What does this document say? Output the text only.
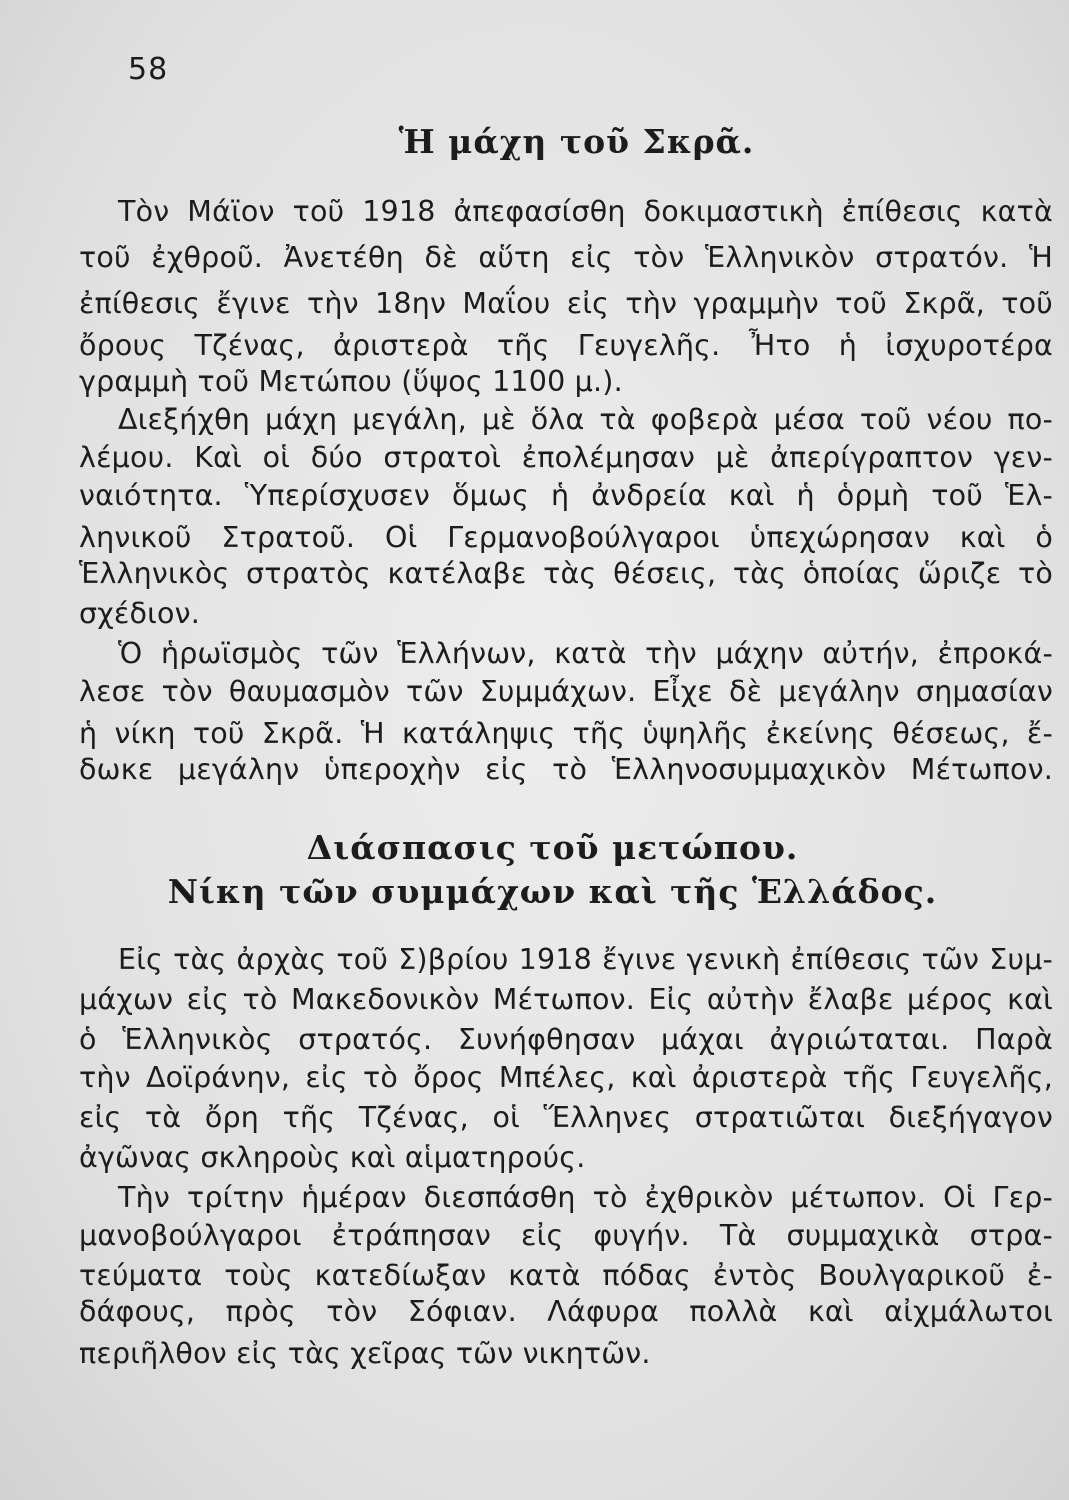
58
Ἡ μάχη τοῦ Σκρᾶ.
Τὸν Μάϊον τοῦ 1918 ἀπεφασίσθη δοκιμαστικὴ ἐπίθεσις κατὰ
τοῦ ἐχθροῦ. Ἀνετέθη δὲ αὕτη εἰς τὸν Ἑλληνικὸν στρατόν. Ἡ
ἐπίθεσις ἔγινε τὴν 18ην Μαΐου εἰς τὴν γραμμὴν τοῦ Σκρᾶ, τοῦ
ὄρους Τζένας, ἀριστερὰ τῆς Γευγελῆς. Ἦτο ἡ ἰσχυροτέρα
γραμμὴ τοῦ Μετώπου (ὕψος 1100 μ.).
Διεξήχθη μάχη μεγάλη, μὲ ὅλα τὰ φοβερὰ μέσα τοῦ νέου πο-
λέμου. Καὶ οἱ δύο στρατοὶ ἐπολέμησαν μὲ ἀπερίγραπτον γεν-
ναιότητα. Ὑπερίσχυσεν ὅμως ἡ ἀνδρεία καὶ ἡ ὁρμὴ τοῦ Ἑλ-
ληνικοῦ Στρατοῦ. Οἱ Γερμανοβούλγαροι ὑπεχώρησαν καὶ ὁ
Ἑλληνικὸς στρατὸς κατέλαβε τὰς θέσεις, τὰς ὁποίας ὥριζε τὸ
σχέδιον.
Ὁ ἡρωϊσμὸς τῶν Ἑλλήνων, κατὰ τὴν μάχην αὐτήν, ἐπροκά-
λεσε τὸν θαυμασμὸν τῶν Συμμάχων. Εἶχε δὲ μεγάλην σημασίαν
ἡ νίκη τοῦ Σκρᾶ. Ἡ κατάληψις τῆς ὑψηλῆς ἐκείνης θέσεως, ἔ-
δωκε μεγάλην ὑπεροχὴν εἰς τὸ Ἑλληνοσυμμαχικὸν Μέτωπον.
Διάσπασις τοῦ μετώπου.
Νίκη τῶν συμμάχων καὶ τῆς Ἑλλάδος.
Εἰς τὰς ἀρχὰς τοῦ Σ)βρίου 1918 ἔγινε γενικὴ ἐπίθεσις τῶν Συμ-
μάχων εἰς τὸ Μακεδονικὸν Μέτωπον. Εἰς αὐτὴν ἔλαβε μέρος καὶ
ὁ Ἑλληνικὸς στρατός. Συνήφθησαν μάχαι ἀγριώταται. Παρὰ
τὴν Δοϊράνην, εἰς τὸ ὄρος Μπέλες, καὶ ἀριστερὰ τῆς Γευγελῆς,
εἰς τὰ ὄρη τῆς Τζένας, οἱ Ἕλληνες στρατιῶται διεξήγαγον
ἀγῶνας σκληροὺς καὶ αἱματηρούς.
Τὴν τρίτην ἡμέραν διεσπάσθη τὸ ἐχθρικὸν μέτωπον. Οἱ Γερ-
μανοβούλγαροι ἐτράπησαν εἰς φυγήν. Τὰ συμμαχικὰ στρα-
τεύματα τοὺς κατεδίωξαν κατὰ πόδας ἐντὸς Βουλγαρικοῦ ἐ-
δάφους, πρὸς τὸν Σόφιαν. Λάφυρα πολλὰ καὶ αἰχμάλωτοι
περιῆλθον εἰς τὰς χεῖρας τῶν νικητῶν.
